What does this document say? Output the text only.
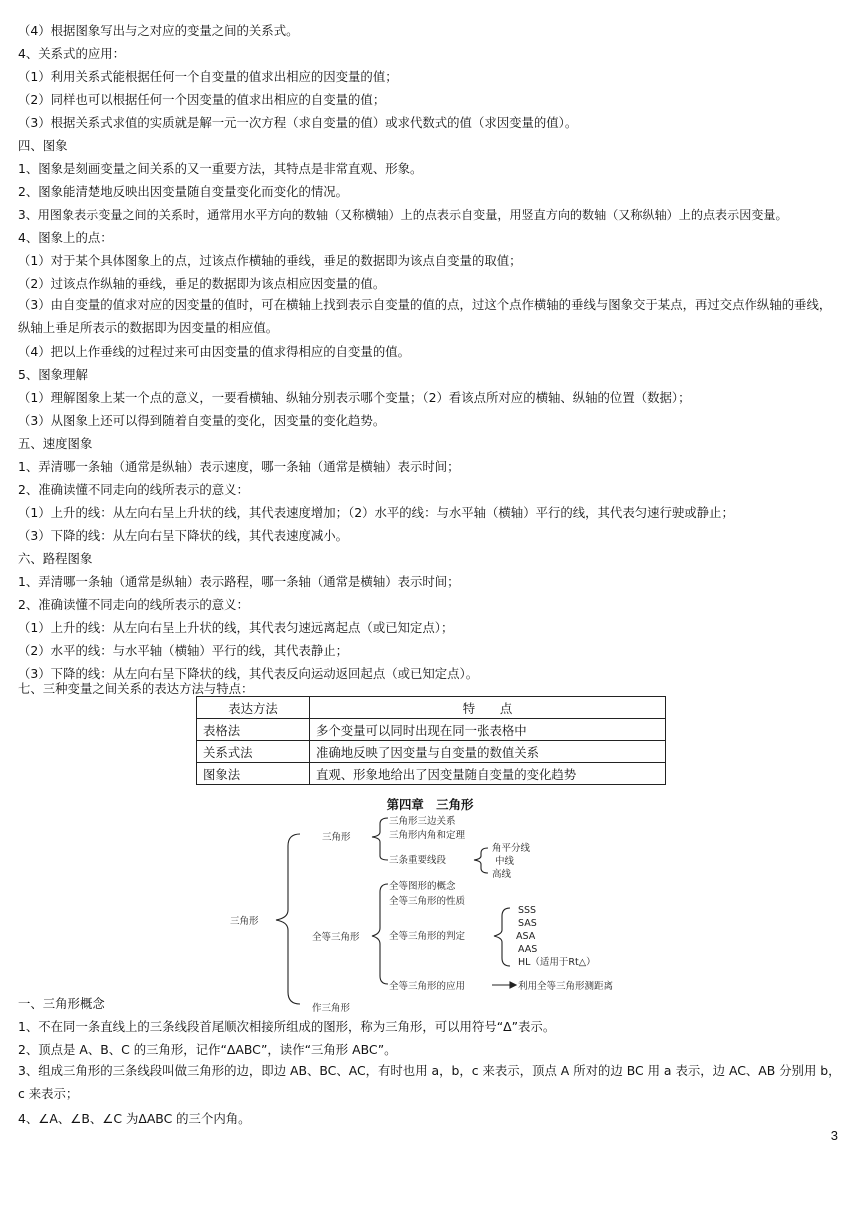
（4）根据图象写出与之对应的变量之间的关系式。
4、关系式的应用：
（1）利用关系式能根据任何一个自变量的值求出相应的因变量的值；
（2）同样也可以根据任何一个因变量的值求出相应的自变量的值；
（3）根据关系式求值的实质就是解一元一次方程（求自变量的值）或求代数式的值（求因变量的值）。
四、图象
1、图象是刻画变量之间关系的又一重要方法，其特点是非常直观、形象。
2、图象能清楚地反映出因变量随自变量变化而变化的情况。
3、用图象表示变量之间的关系时，通常用水平方向的数轴（又称横轴）上的点表示自变量，用竖直方向的数轴（又称纵轴）上的点表示因变量。
4、图象上的点：
（1）对于某个具体图象上的点，过该点作横轴的垂线，垂足的数据即为该点自变量的取值；
（2）过该点作纵轴的垂线，垂足的数据即为该点相应因变量的值。
（3）由自变量的值求对应的因变量的值时，可在横轴上找到表示自变量的值的点，过这个点作横轴的垂线与图象交于某点，再过交点作纵轴的垂线，纵轴上垂足所表示的数据即为因变量的相应值。
（4）把以上作垂线的过程过来可由因变量的值求得相应的自变量的值。
5、图象理解
（1）理解图象上某一个点的意义，一要看横轴、纵轴分别表示哪个变量；（2）看该点所对应的横轴、纵轴的位置（数据）；
（3）从图象上还可以得到随着自变量的变化，因变量的变化趋势。
五、速度图象
1、弄清哪一条轴（通常是纵轴）表示速度，哪一条轴（通常是横轴）表示时间；
2、准确读懂不同走向的线所表示的意义：
（1）上升的线：从左向右呈上升状的线，其代表速度增加；（2）水平的线：与水平轴（横轴）平行的线，其代表匀速行驶或静止；
（3）下降的线：从左向右呈下降状的线，其代表速度减小。
六、路程图象
1、弄清哪一条轴（通常是纵轴）表示路程，哪一条轴（通常是横轴）表示时间；
2、准确读懂不同走向的线所表示的意义：
（1）上升的线：从左向右呈上升状的线，其代表匀速远离起点（或已知定点）；
（2）水平的线：与水平轴（横轴）平行的线，其代表静止；
（3）下降的线：从左向右呈下降状的线，其代表反向运动返回起点（或已知定点）。
七、三种变量之间关系的表达方法与特点：
表达方法	特　　点
表格法	多个变量可以同时出现在同一张表格中
关系式法	准确地反映了因变量与自变量的数值关系
图象法	直观、形象地给出了因变量随自变量的变化趋势
第四章　三角形
三角形
三角形
三角形三边关系
三角形内角和定理
三条重要线段
角平分线
中线
高线
全等三角形
全等图形的概念
全等三角形的性质
全等三角形的判定
全等三角形的应用
SSS
SAS
ASA
AAS
HL（适用于Rt△）
利用全等三角形测距离
作三角形
一、三角形概念
1、不在同一条直线上的三条线段首尾顺次相接所组成的图形，称为三角形，可以用符号“Δ”表示。
2、顶点是 A、B、C 的三角形，记作“ΔABC”，读作“三角形 ABC”。
3、组成三角形的三条线段叫做三角形的边，即边 AB、BC、AC，有时也用 a，b，c 来表示，顶点 A 所对的边 BC 用 a 表示，边 AC、AB 分别用 b，c 来表示；
4、∠A、∠B、∠C 为ΔABC 的三个内角。
3
